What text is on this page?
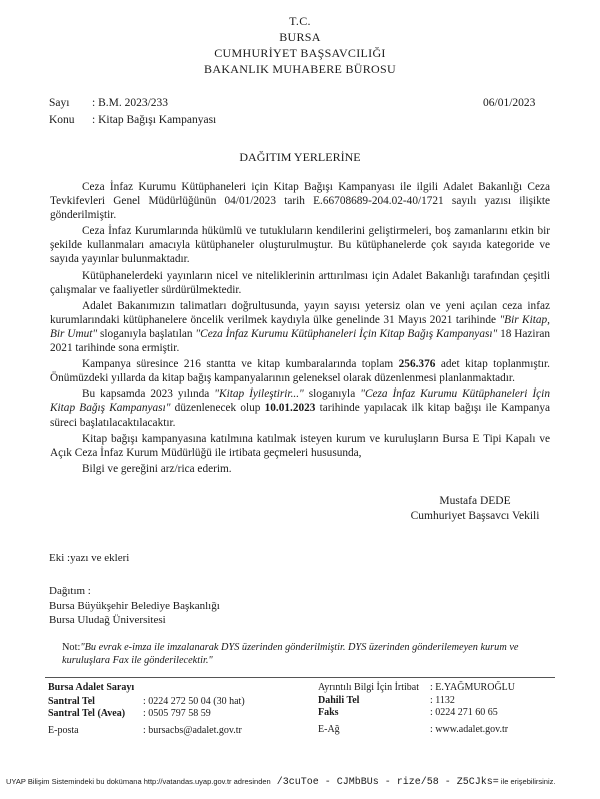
T.C.
BURSA
CUMHURİYET BAŞSAVCILIĞI
BAKANLIK MUHABERE BÜROSU
Sayı : B.M. 2023/233	06/01/2023
Konu : Kitap Bağışı Kampanyası
DAĞITIM YERLERİNE

Ceza İnfaz Kurumu Kütüphaneleri için Kitap Bağışı Kampanyası ile ilgili Adalet Bakanlığı Ceza Tevkifevleri Genel Müdürlüğünün 04/01/2023 tarih E.66708689-204.02-40/1721 sayılı yazısı ilişikte gönderilmiştir.

Ceza İnfaz Kurumlarında hükümlü ve tutukluların kendilerini geliştirmeleri, boş zamanlarını etkin bir şekilde kullanmaları amacıyla kütüphaneler oluşturulmuştur. Bu kütüphanelerde çok sayıda kategoride ve sayıda yayınlar bulunmaktadır.

Kütüphanelerdeki yayınların nicel ve niteliklerinin arttırılması için Adalet Bakanlığı tarafından çeşitli çalışmalar ve faaliyetler sürdürülmektedir.

Adalet Bakanımızın talimatları doğrultusunda, yayın sayısı yetersiz olan ve yeni açılan ceza infaz kurumlarındaki kütüphanelere öncelik verilmek kaydıyla ülke genelinde 31 Mayıs 2021 tarihinde "Bir Kitap, Bir Umut" sloganıyla başlatılan "Ceza İnfaz Kurumu Kütüphaneleri İçin Kitap Bağış Kampanyası" 18 Haziran 2021 tarihinde sona ermiştir.

Kampanya süresince 216 stantta ve kitap kumbaralarında toplam 256.376 adet kitap toplanmıştır. Önümüzdeki yıllarda da kitap bağış kampanyalarının geleneksel olarak düzenlenmesi planlanmaktadır.

Bu kapsamda 2023 yılında "Kitap İyileştirir..." sloganıyla "Ceza İnfaz Kurumu Kütüphaneleri İçin Kitap Bağış Kampanyası" düzenlenecek olup 10.01.2023 tarihinde yapılacak ilk kitap bağışı ile Kampanya süreci başlatılacaktılacaktır.

Kitap bağışı kampanyasına katılmına katılmak isteyen kurum ve kuruluşların Bursa E Tipi Kapalı ve Açık Ceza İnfaz Kurum Müdürlüğü ile irtibata geçmeleri hususunda,

Bilgi ve gereğini arz/rica ederim.

Mustafa DEDE
Cumhuriyet Başsavcı Vekili
Eki :yazı ve ekleri
Dağıtım :
Bursa Büyükşehir Belediye Başkanlığı
Bursa Uludağ Üniversitesi
Not:"Bu evrak e-imza ile imzalanarak DYS üzerinden gönderilmiştir. DYS üzerinden gönderilemeyen kurum ve kuruluşlara Fax ile gönderilecektir."
Bursa Adalet Sarayı	
Santral Tel	: 0224 272 50 04 (30 hat)
Santral Tel (Avea)	: 0505 797 58 59
E-posta	: bursacbs@adalet.gov.tr
Ayrıntılı Bilgi İçin İrtibat	: E.YAĞMUROĞLU
Dahili Tel	: 1132
Faks	: 0224 271 60 65
E-Ağ	: www.adalet.gov.tr
UYAP Bilişim Sistemindeki bu dokümana http://vatandas.uyap.gov.tr adresinden /3cuToe - CJMbBUs - rize/58 - Z5CJks= ile erişebilirsiniz.
